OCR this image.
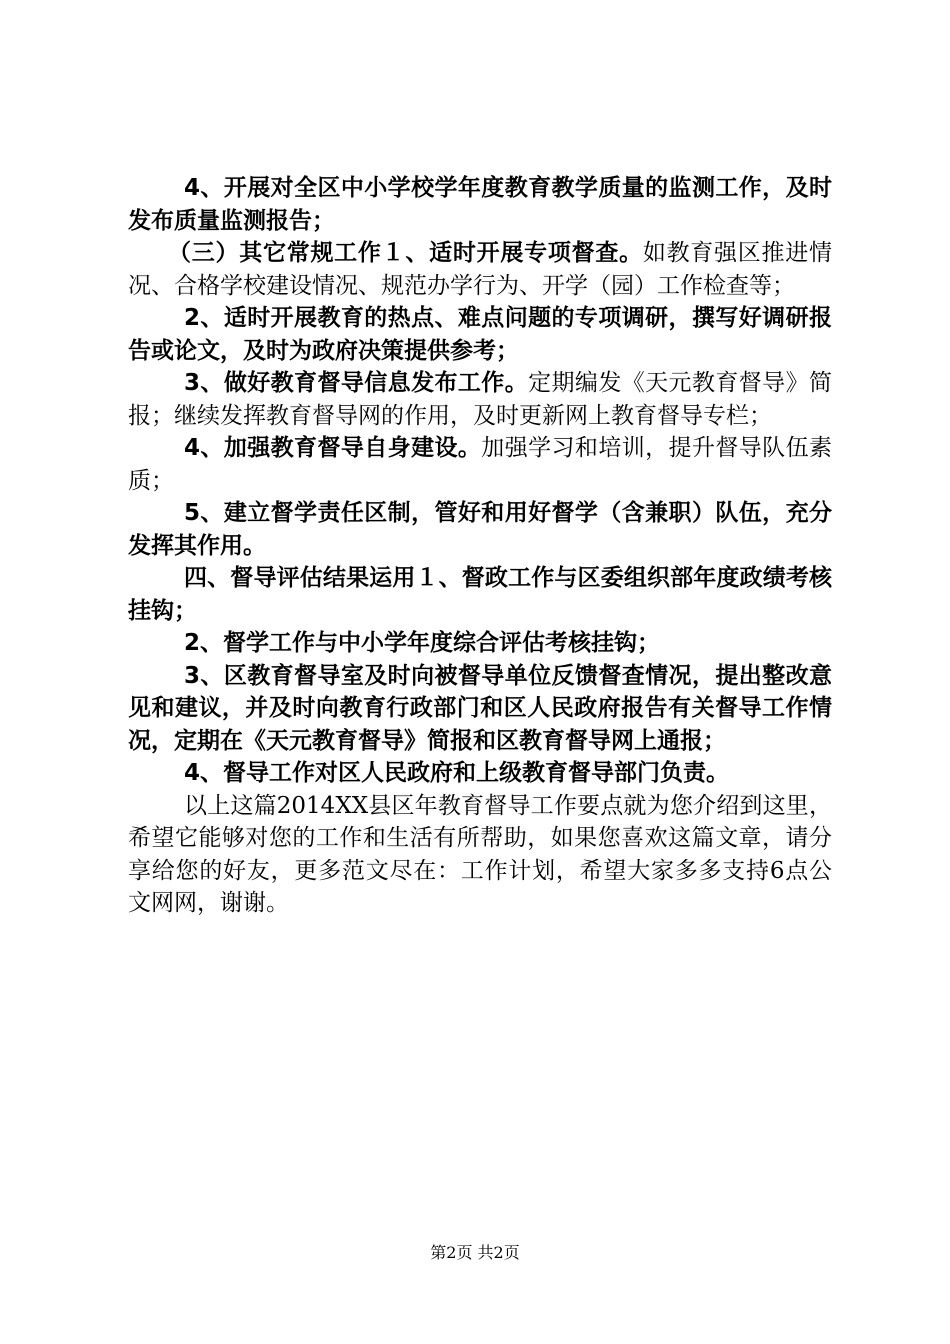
4、开展对全区中小学校学年度教育教学质量的监测工作，及时发布质量监测报告；

（三）其它常规工作１、适时开展专项督查。如教育强区推进情况、合格学校建设情况、规范办学行为、开学（园）工作检查等；

2、适时开展教育的热点、难点问题的专项调研，撰写好调研报告或论文，及时为政府决策提供参考；

3、做好教育督导信息发布工作。定期编发《天元教育督导》简报；继续发挥教育督导网的作用，及时更新网上教育督导专栏；

4、加强教育督导自身建设。加强学习和培训，提升督导队伍素质；

5、建立督学责任区制，管好和用好督学（含兼职）队伍，充分发挥其作用。

四、督导评估结果运用１、督政工作与区委组织部年度政绩考核挂钩；

2、督学工作与中小学年度综合评估考核挂钩；

3、区教育督导室及时向被督导单位反馈督查情况，提出整改意见和建议，并及时向教育行政部门和区人民政府报告有关督导工作情况，定期在《天元教育督导》简报和区教育督导网上通报；

4、督导工作对区人民政府和上级教育督导部门负责。

以上这篇2014XX县区年教育督导工作要点就为您介绍到这里，希望它能够对您的工作和生活有所帮助，如果您喜欢这篇文章，请分享给您的好友，更多范文尽在：工作计划，希望大家多多支持6点公文网网，谢谢。

第2页 共2页
